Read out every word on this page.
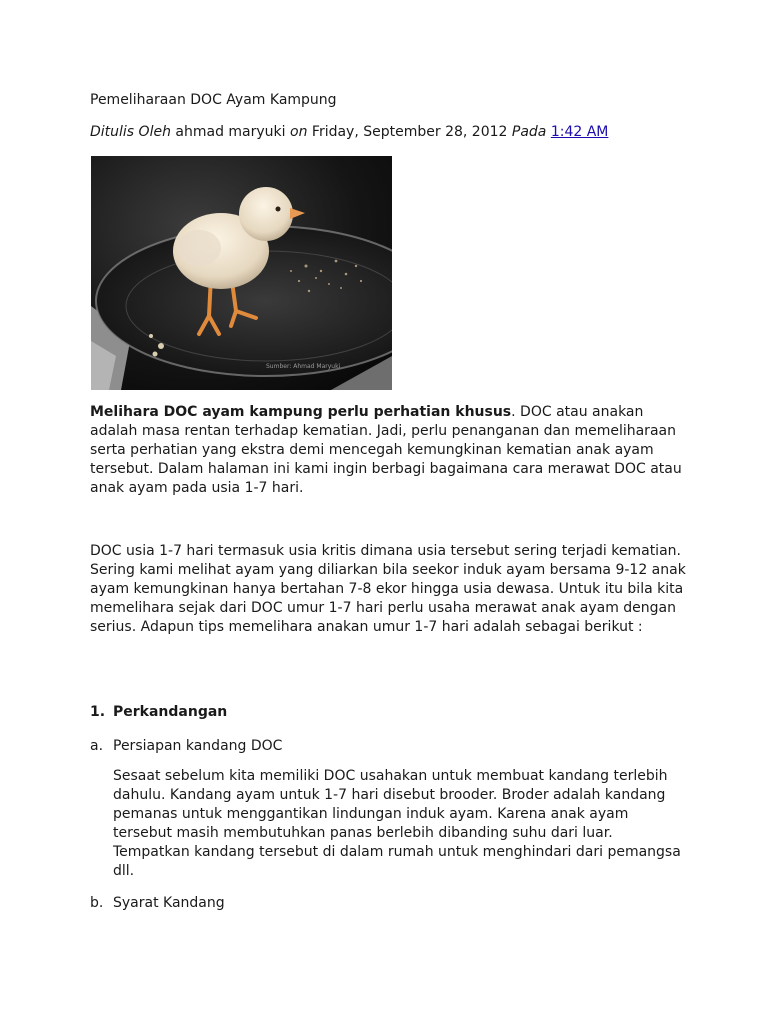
Pemeliharaan DOC Ayam Kampung
Ditulis Oleh ahmad maryuki on Friday, September 28, 2012 Pada 1:42 AM
Sumber: Ahmad Maryuki

Melihara DOC ayam kampung perlu perhatian khusus. DOC atau anakan adalah masa rentan terhadap kematian. Jadi, perlu penanganan dan memeliharaan serta perhatian yang ekstra demi mencegah kemungkinan kematian anak ayam tersebut. Dalam halaman ini kami ingin berbagi bagaimana cara merawat DOC atau anak ayam pada usia 1-7 hari.

DOC usia 1-7 hari termasuk usia kritis dimana usia tersebut sering terjadi kematian. Sering kami melihat ayam yang diliarkan bila seekor induk ayam bersama 9-12 anak ayam kemungkinan hanya bertahan 7-8 ekor hingga usia dewasa. Untuk itu bila kita memelihara sejak dari DOC umur 1-7 hari perlu usaha merawat anak ayam dengan serius. Adapun tips memelihara anakan umur 1-7 hari adalah sebagai berikut :

1. Perkandangan
a. Persiapan kandang DOC

Sesaat sebelum kita memiliki DOC usahakan untuk membuat kandang terlebih dahulu. Kandang ayam untuk 1-7 hari disebut brooder. Broder adalah kandang pemanas untuk menggantikan lindungan induk ayam. Karena anak ayam tersebut masih membutuhkan panas berlebih dibanding suhu dari luar. Tempatkan kandang tersebut di dalam rumah untuk menghindari dari pemangsa dll.

b. Syarat Kandang
